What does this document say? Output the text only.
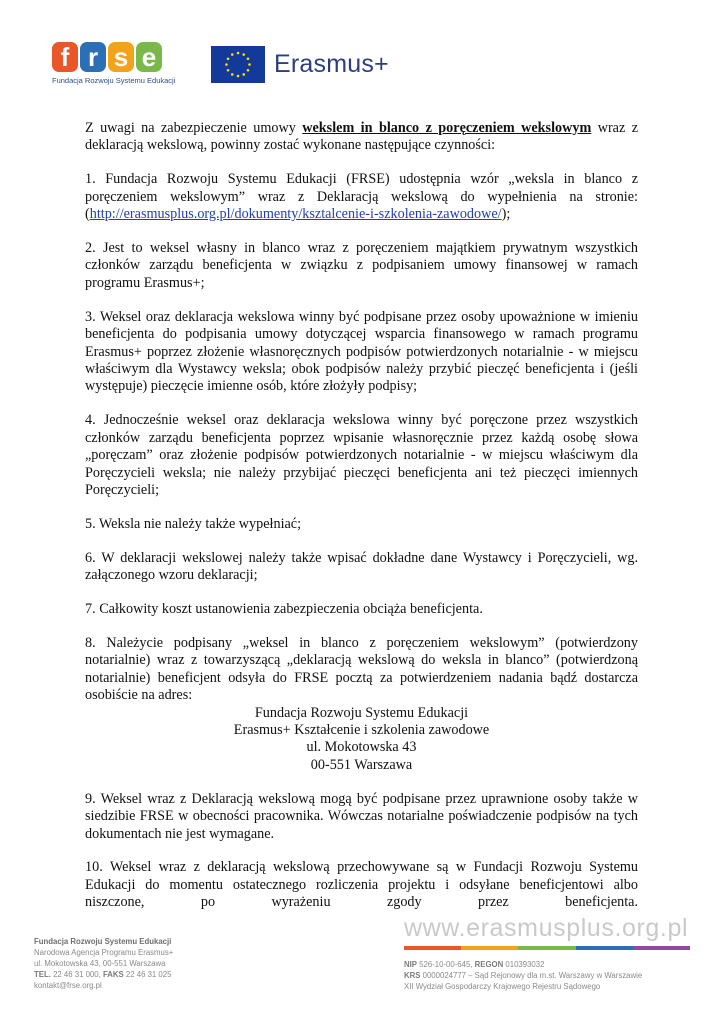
f r s e
Fundacja Rozwoju Systemu Edukacji
Erasmus+

Z uwagi na zabezpieczenie umowy wekslem in blanco z poręczeniem wekslowym wraz z deklaracją wekslową, powinny zostać wykonane następujące czynności:

1. Fundacja Rozwoju Systemu Edukacji (FRSE) udostępnia wzór „weksla in blanco z poręczeniem wekslowym” wraz z Deklaracją wekslową do wypełnienia na stronie: (http://erasmusplus.org.pl/dokumenty/ksztalcenie-i-szkolenia-zawodowe/);

2. Jest to weksel własny in blanco wraz z poręczeniem majątkiem prywatnym wszystkich członków zarządu beneficjenta w związku z podpisaniem umowy finansowej w ramach programu Erasmus+;

3. Weksel oraz deklaracja wekslowa winny być podpisane przez osoby upoważnione w imieniu beneficjenta do podpisania umowy dotyczącej wsparcia finansowego w ramach programu Erasmus+ poprzez złożenie własnoręcznych podpisów potwierdzonych notarialnie - w miejscu właściwym dla Wystawcy weksla; obok podpisów należy przybić pieczęć beneficjenta i (jeśli występuje) pieczęcie imienne osób, które złożyły podpisy;

4. Jednocześnie weksel oraz deklaracja wekslowa winny być poręczone przez wszystkich członków zarządu beneficjenta poprzez wpisanie własnoręcznie przez każdą osobę słowa „poręczam” oraz złożenie podpisów potwierdzonych notarialnie - w miejscu właściwym dla Poręczycieli weksla; nie należy przybijać pieczęci beneficjenta ani też pieczęci imiennych Poręczycieli;

5. Weksla nie należy także wypełniać;

6. W deklaracji wekslowej należy także wpisać dokładne dane Wystawcy i Poręczycieli, wg. załączonego wzoru deklaracji;

7. Całkowity koszt ustanowienia zabezpieczenia obciąża beneficjenta.

8. Należycie podpisany „weksel in blanco z poręczeniem wekslowym” (potwierdzony notarialnie) wraz z towarzyszącą „deklaracją wekslową do weksla in blanco” (potwierdzoną notarialnie) beneficjent odsyła do FRSE pocztą za potwierdzeniem nadania bądź dostarcza osobiście na adres:

Fundacja Rozwoju Systemu Edukacji
Erasmus+ Kształcenie i szkolenia zawodowe
ul. Mokotowska 43
00-551 Warszawa

9. Weksel wraz z Deklaracją wekslową mogą być podpisane przez uprawnione osoby także w siedzibie FRSE w obecności pracownika. Wówczas notarialne poświadczenie podpisów na tych dokumentach nie jest wymagane.

10. Weksel wraz z deklaracją wekslową przechowywane są w Fundacji Rozwoju Systemu Edukacji do momentu ostatecznego rozliczenia projektu i odsyłane beneficjentowi albo niszczone, po wyrażeniu zgody przez beneficjenta.

www.erasmusplus.org.pl
Fundacja Rozwoju Systemu Edukacji
Narodowa Agencja Programu Erasmus+
ul. Mokotowska 43, 00-551 Warszawa
TEL. 22 46 31 000, FAKS 22 46 31 025
kontakt@frse.org.pl
NIP 526-10-00-645, REGON 010393032
KRS 0000024777 – Sąd Rejonowy dla m.st. Warszawy w Warszawie
XII Wydział Gospodarczy Krajowego Rejestru Sądowego
